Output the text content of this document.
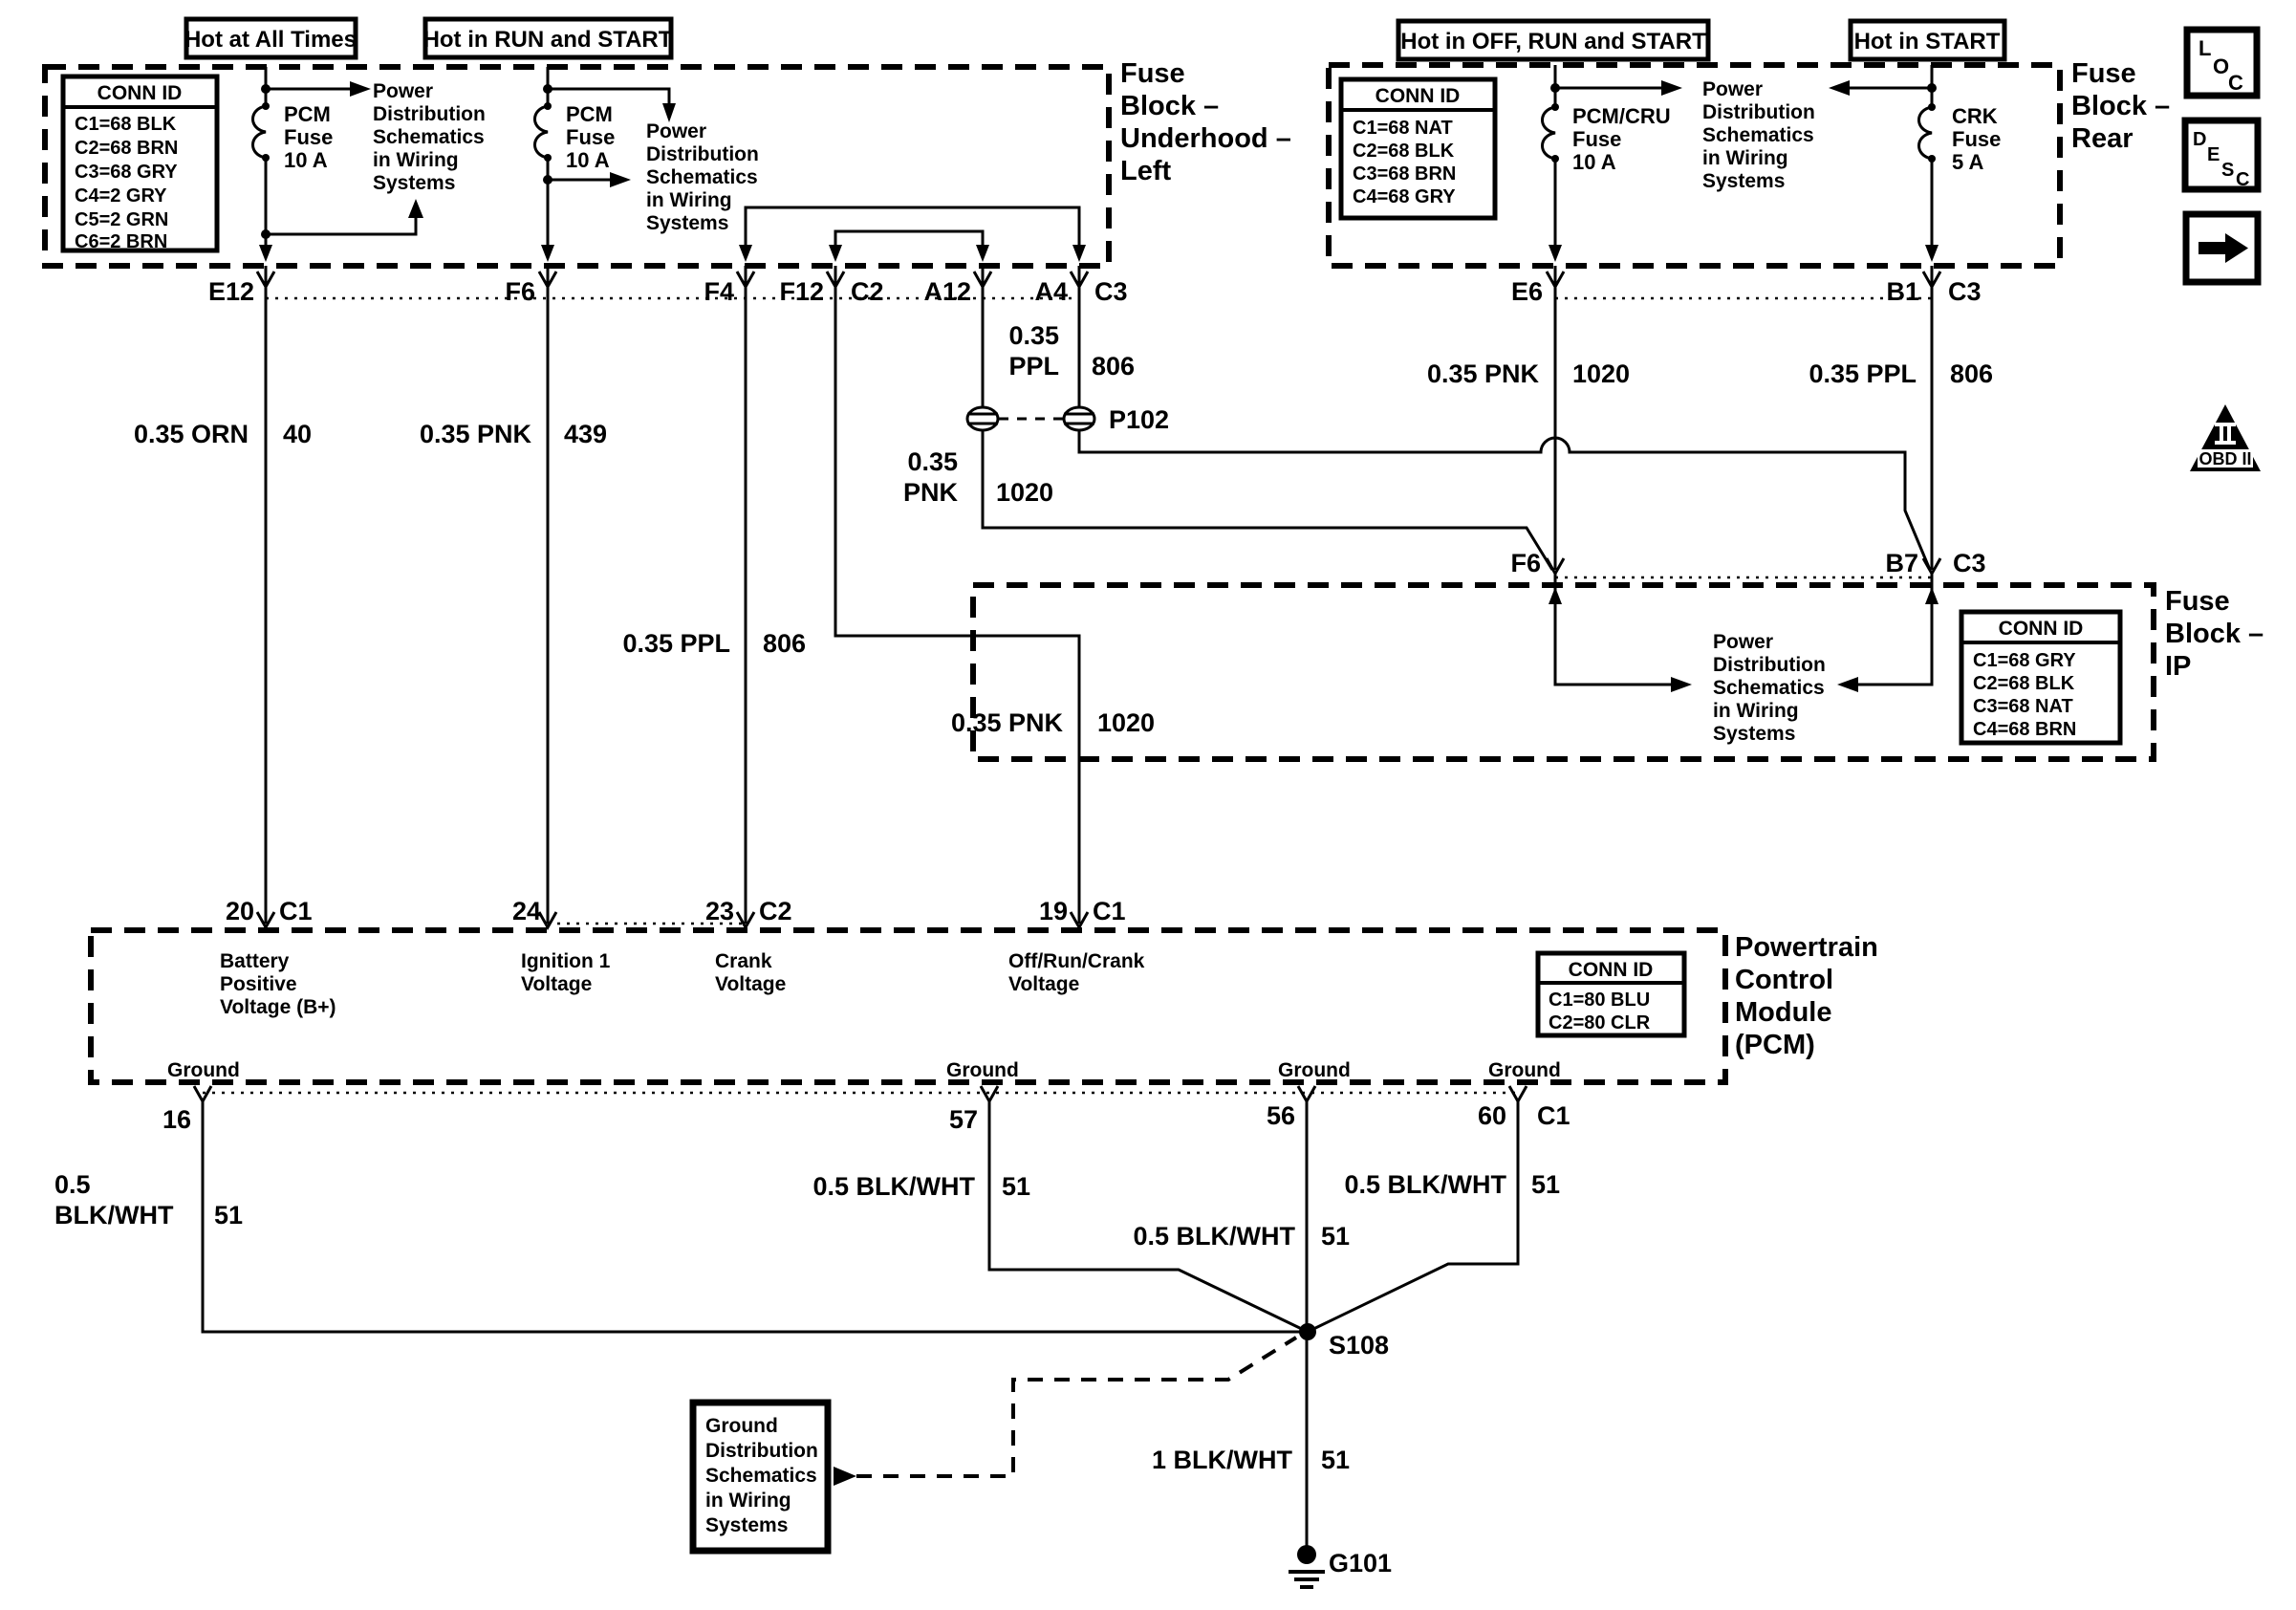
Hot at All Times	Hot in RUN and START	Hot in OFF, RUN and START	Hot in START
CONN ID
C1=68 BLK
C2=68 BRN
C3=68 GRY
C4=2 GRY
C5=2 GRN
C6=2 BRN
PCM
Fuse
10 A
Power
Distribution
Schematics
in Wiring
Systems
PCM
Fuse
10 A
Power
Distribution
Schematics
in Wiring
Systems
Fuse
Block –
Underhood –
Left
E12	F6	F4 F12 C2 A12 A4 C3
CONN ID
C1=68 NAT
C2=68 BLK
C3=68 BRN
C4=68 GRY
PCM/CRU
Fuse
10 A
Power
Distribution
Schematics
in Wiring
Systems
CRK
Fuse
5 A
Fuse
Block –
Rear
E6	B1 C3
0.35 ORN 40	0.35 PNK 439
0.35 PPL 806
0.35 PNK 1020
0.35
PPL 806
0.35
PNK 1020
P102
0.35 PNK 1020	0.35 PPL 806
F6	B7 C3
Power
Distribution
Schematics
in Wiring
Systems
CONN ID
C1=68 GRY
C2=68 BLK
C3=68 NAT
C4=68 BRN
Fuse
Block –
IP
20 C1	24	23 C2	19 C1
Battery
Positive
Voltage (B+)
Ignition 1
Voltage
Crank
Voltage
Off/Run/Crank
Voltage
CONN ID
C1=80 BLU
C2=80 CLR
Ground	Ground	Ground	Ground
Powertrain
Control
Module
(PCM)
16	57	56	60 C1
0.5
BLK/WHT 51
0.5 BLK/WHT 51
0.5 BLK/WHT 51
0.5 BLK/WHT 51
S108
1 BLK/WHT 51
G101
Ground
Distribution
Schematics
in Wiring
Systems
L
O
C
D
E
S C
OBD II
